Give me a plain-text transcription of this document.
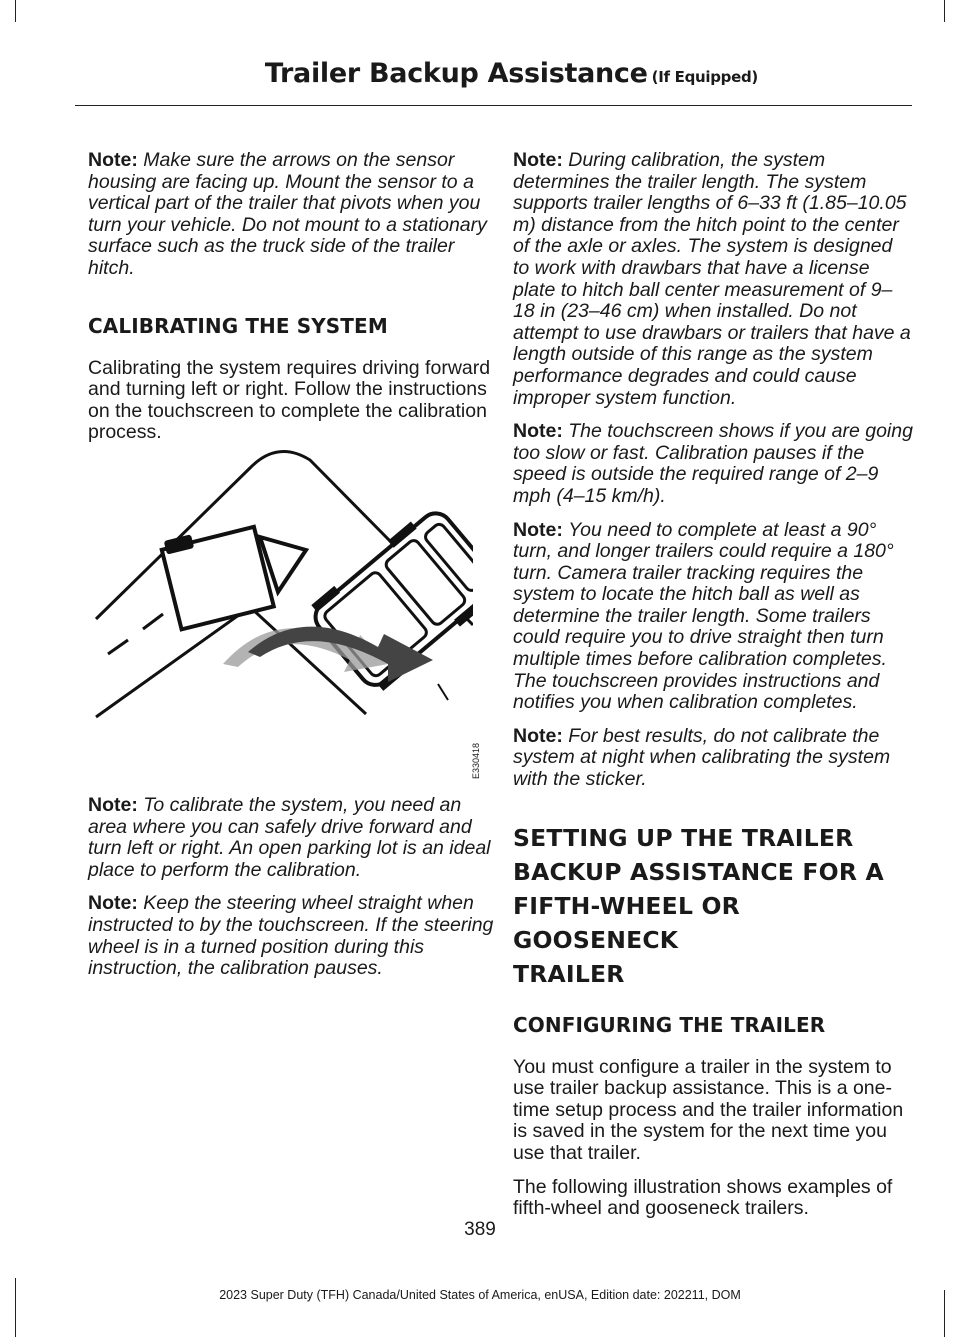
Trailer Backup Assistance (If Equipped)

Note: Make sure the arrows on the sensor housing are facing up. Mount the sensor to a vertical part of the trailer that pivots when you turn your vehicle. Do not mount to a stationary surface such as the truck side of the trailer hitch.

CALIBRATING THE SYSTEM

Calibrating the system requires driving forward and turning left or right. Follow the instructions on the touchscreen to complete the calibration process.

E330418

Note: To calibrate the system, you need an area where you can safely drive forward and turn left or right. An open parking lot is an ideal place to perform the calibration.

Note: Keep the steering wheel straight when instructed to by the touchscreen. If the steering wheel is in a turned position during this instruction, the calibration pauses.

Note: During calibration, the system determines the trailer length. The system supports trailer lengths of 6–33 ft (1.85–10.05 m) distance from the hitch point to the center of the axle or axles. The system is designed to work with drawbars that have a license plate to hitch ball center measurement of 9–18 in (23–46 cm) when installed. Do not attempt to use drawbars or trailers that have a length outside of this range as the system performance degrades and could cause improper system function.

Note: The touchscreen shows if you are going too slow or fast. Calibration pauses if the speed is outside the required range of 2–9 mph (4–15 km/h).

Note: You need to complete at least a 90° turn, and longer trailers could require a 180° turn. Camera trailer tracking requires the system to locate the hitch ball as well as determine the trailer length. Some trailers could require you to drive straight then turn multiple times before calibration completes. The touchscreen provides instructions and notifies you when calibration completes.

Note: For best results, do not calibrate the system at night when calibrating the system with the sticker.

SETTING UP THE TRAILER
BACKUP ASSISTANCE FOR A
FIFTH-WHEEL OR GOOSENECK
TRAILER
CONFIGURING THE TRAILER

You must configure a trailer in the system to use trailer backup assistance. This is a one-time setup process and the trailer information is saved in the system for the next time you use that trailer.

The following illustration shows examples of fifth-wheel and gooseneck trailers.

389
2023 Super Duty (TFH) Canada/United States of America, enUSA, Edition date: 202211, DOM
